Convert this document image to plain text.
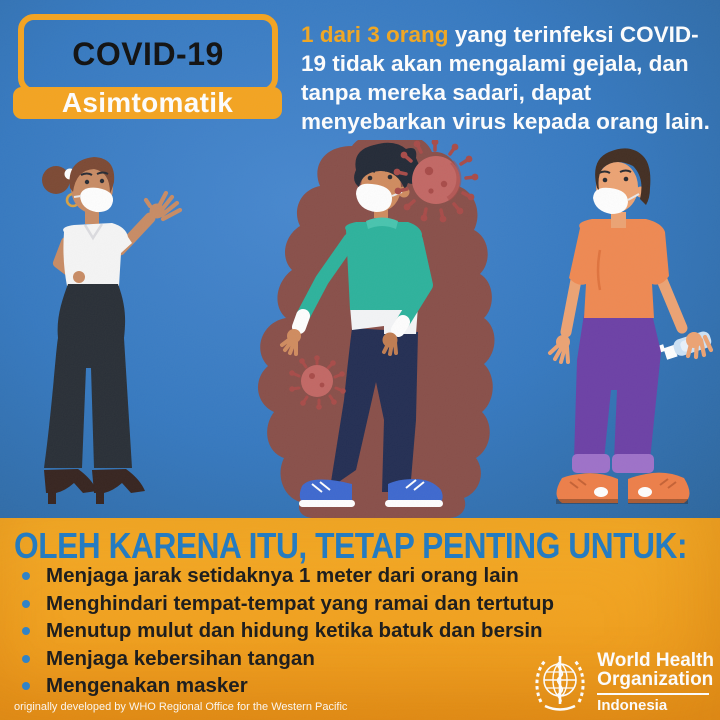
COVID-19
Asimtomatik
1 dari 3 orang yang terinfeksi COVID-19 tidak akan mengalami gejala, dan tanpa mereka sadari, dapat menyebarkan virus kepada orang lain.
OLEH KARENA ITU, TETAP PENTING UNTUK:
Menjaga jarak setidaknya 1 meter dari orang lain
Menghindari tempat-tempat yang ramai dan tertutup
Menutup mulut dan hidung ketika batuk dan bersin
Menjaga kebersihan tangan
Mengenakan masker
originally developed by WHO Regional Office for the Western Pacific
World Health
Organization
Indonesia
